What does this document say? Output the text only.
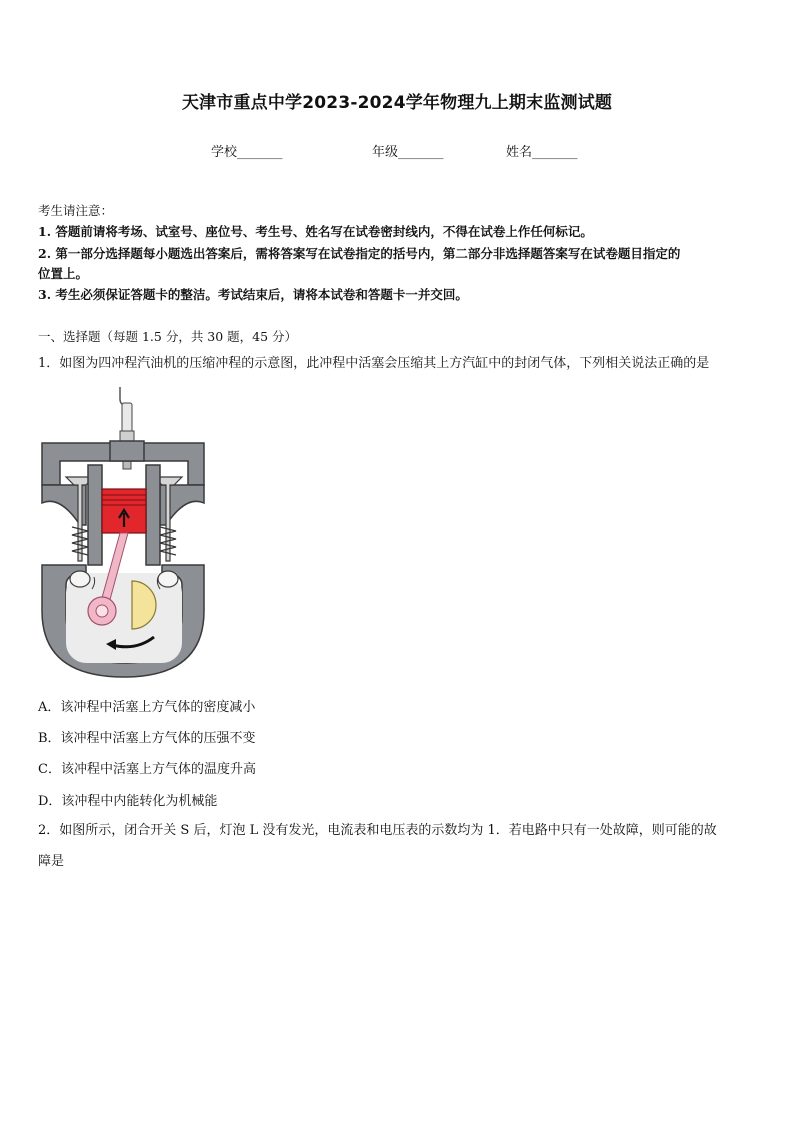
天津市重点中学2023-2024学年物理九上期末监测试题
学校_______	年级_______	姓名_______
考生请注意：
1. 答题前请将考场、试室号、座位号、考生号、姓名写在试卷密封线内，不得在试卷上作任何标记。
2. 第一部分选择题每小题选出答案后，需将答案写在试卷指定的括号内，第二部分非选择题答案写在试卷题目指定的
位置上。
3. 考生必须保证答题卡的整洁。考试结束后，请将本试卷和答题卡一并交回。
一、选择题（每题 1.5 分，共 30 题，45 分）
1．如图为四冲程汽油机的压缩冲程的示意图，此冲程中活塞会压缩其上方汽缸中的封闭气体，下列相关说法正确的是
A．该冲程中活塞上方气体的密度减小
B．该冲程中活塞上方气体的压强不变
C．该冲程中活塞上方气体的温度升高
D．该冲程中内能转化为机械能
2．如图所示，闭合开关 S 后，灯泡 L 没有发光，电流表和电压表的示数均为 1．若电路中只有一处故障，则可能的故
障是
